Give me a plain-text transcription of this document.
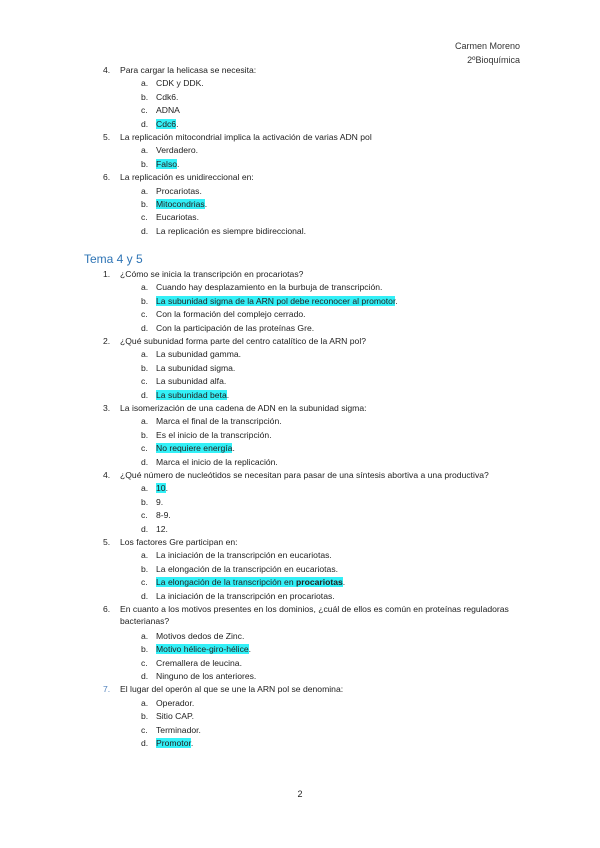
Carmen Moreno
2ºBioquímica
4. Para cargar la helicasa se necesita:
a. CDK y DDK.
b. Cdk6.
c. ADNA
d. Cdc6.
5. La replicación mitocondrial implica la activación de varias ADN pol
a. Verdadero.
b. Falso.
6. La replicación es unidireccional en:
a. Procariotas.
b. Mitocondrias.
c. Eucariotas.
d. La replicación es siempre bidireccional.
Tema 4 y 5
1. ¿Cómo se inicia la transcripción en procariotas?
a. Cuando hay desplazamiento en la burbuja de transcripción.
b. La subunidad sigma de la ARN pol debe reconocer al promotor.
c. Con la formación del complejo cerrado.
d. Con la participación de las proteínas Gre.
2. ¿Qué subunidad forma parte del centro catalítico de la ARN pol?
a. La subunidad gamma.
b. La subunidad sigma.
c. La subunidad alfa.
d. La subunidad beta.
3. La isomerización de una cadena de ADN en la subunidad sigma:
a. Marca el final de la transcripción.
b. Es el inicio de la transcripción.
c. No requiere energía.
d. Marca el inicio de la replicación.
4. ¿Qué número de nucleótidos se necesitan para pasar de una síntesis abortiva a una productiva?
a. 10.
b. 9.
c. 8-9.
d. 12.
5. Los factores Gre participan en:
a. La iniciación de la transcripción en eucariotas.
b. La elongación de la transcripción en eucariotas.
c. La elongación de la transcripción en procariotas.
d. La iniciación de la transcripción en procariotas.
6. En cuanto a los motivos presentes en los dominios, ¿cuál de ellos es común en proteínas reguladoras bacterianas?
a. Motivos dedos de Zinc.
b. Motivo hélice-giro-hélice.
c. Cremallera de leucina.
d. Ninguno de los anteriores.
7. El lugar del operón al que se une la ARN pol se denomina:
a. Operador.
b. Sitio CAP.
c. Terminador.
d. Promotor.
2
